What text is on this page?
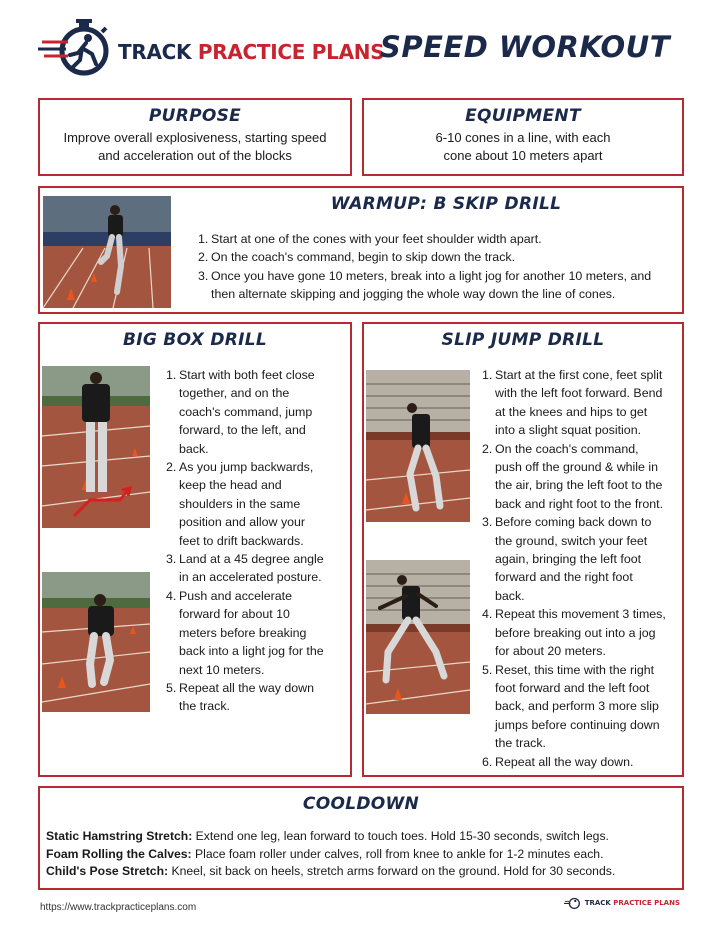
TRACK PRACTICE PLANS
SPEED WORKOUT
PURPOSE
Improve overall explosiveness, starting speed
and acceleration out of the blocks
EQUIPMENT
6-10 cones in a line, with each
cone about 10 meters apart
WARMUP: B SKIP DRILL
1. Start at one of the cones with your feet shoulder width apart.
2. On the coach's command, begin to skip down the track.
3. Once you have gone 10 meters, break into a light jog for another 10 meters, and
then alternate skipping and jogging the whole way down the line of cones.
BIG BOX DRILL
1. Start with both feet close
together, and on the
coach's command, jump
forward, to the left, and
back.
2. As you jump backwards,
keep the head and
shoulders in the same
position and allow your
feet to drift backwards.
3. Land at a 45 degree angle
in an accelerated posture.
4. Push and accelerate
forward for about 10
meters before breaking
back into a light jog for the
next 10 meters.
5. Repeat all the way down
the track.
SLIP JUMP DRILL
1. Start at the first cone, feet split
with the left foot forward. Bend
at the knees and hips to get
into a slight squat position.
2. On the coach's command,
push off the ground & while in
the air, bring the left foot to the
back and right foot to the front.
3. Before coming back down to
the ground, switch your feet
again, bringing the left foot
forward and the right foot
back.
4. Repeat this movement 3 times,
before breaking out into a jog
for about 20 meters.
5. Reset, this time with the right
foot forward and the left foot
back, and perform 3 more slip
jumps before continuing down
the track.
6. Repeat all the way down.
COOLDOWN
Static Hamstring Stretch: Extend one leg, lean forward to touch toes. Hold 15-30 seconds, switch legs.
Foam Rolling the Calves: Place foam roller under calves, roll from knee to ankle for 1-2 minutes each.
Child's Pose Stretch: Kneel, sit back on heels, stretch arms forward on the ground. Hold for 30 seconds.
https://www.trackpracticeplans.com	TRACK PRACTICE PLANS
